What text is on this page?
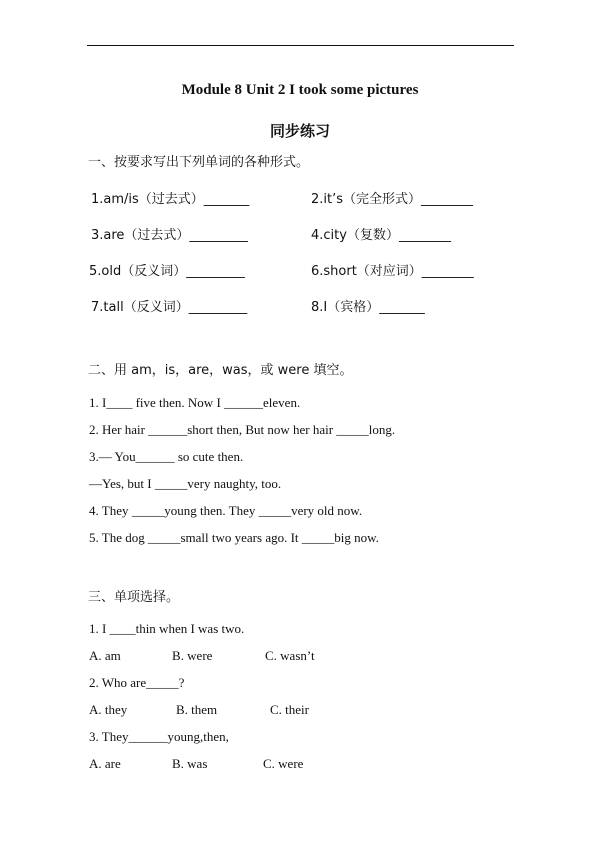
Module 8 Unit 2 I took some pictures
同步练习
一、按要求写出下列单词的各种形式。
1.am/is（过去式）_______	2.it’s（完全形式）________
3.are（过去式）_________	4.city（复数）________
5.old（反义词）_________	6.short（对应词）________
7.tall（反义词）_________	8.I（宾格）_______
二、用 am，is，are，was，或 were 填空。
1. I____ five then. Now I ______eleven.
2. Her hair ______short then, But now her hair _____long.
3.— You______ so cute then.
—Yes, but I _____very naughty, too.
4. They _____young then. They _____very old now.
5. The dog _____small two years ago. It _____big now.
三、单项选择。
1. I ____thin when I was two.
A. am	B. were	C. wasn’t
2. Who are_____?
A. they	B. them	C. their
3. They______young,then,
A. are	B. was	C. were
